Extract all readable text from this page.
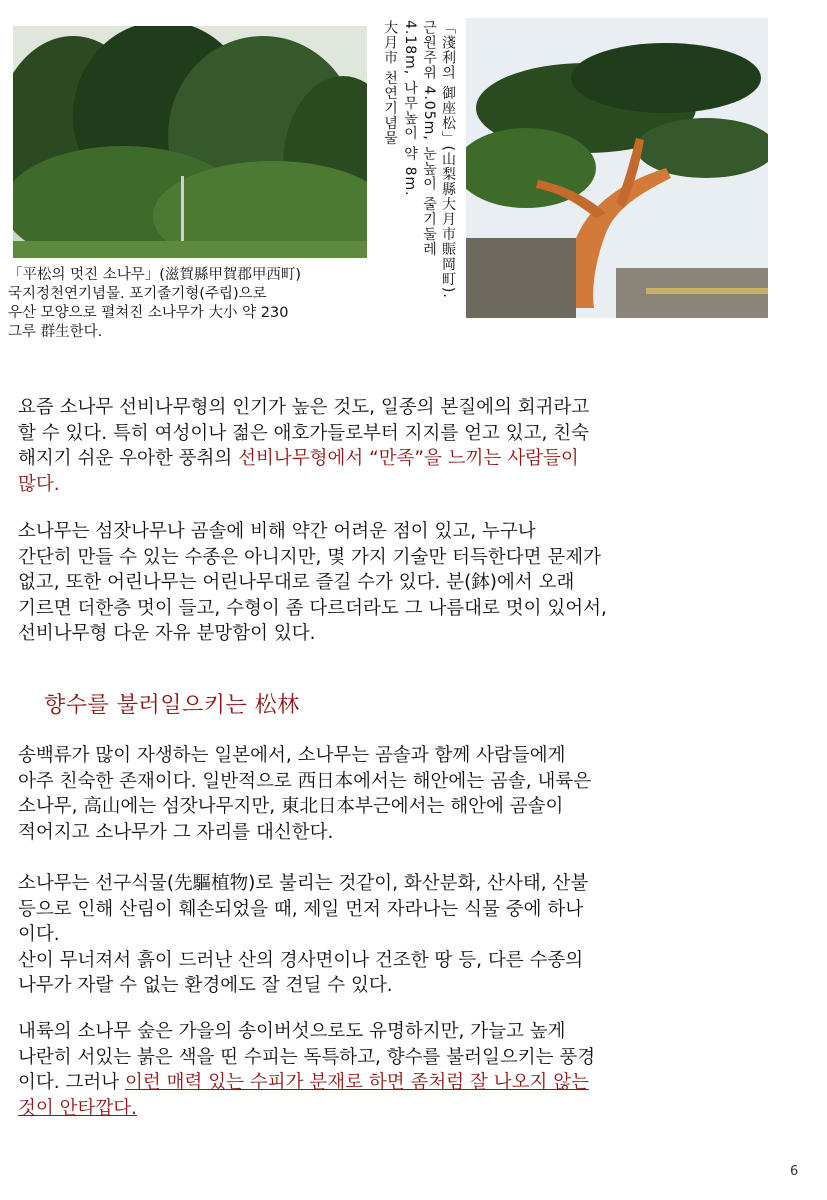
「平松의 멋진 소나무」(滋賀縣甲賀郡甲西町)
국지정천연기념물. 포기줄기형(주립)으로
우산 모양으로 펼쳐진 소나무가 大小 약 230
그루 群生한다.
「淺利의 御座松」(山梨縣大月市賑岡町).
근원주위 4.05m, 눈높이 줄기둘레
4.18m, 나무높이 약 8m.
大月市 천연기념물
요즘 소나무 선비나무형의 인기가 높은 것도, 일종의 본질에의 회귀라고
할 수 있다. 특히 여성이나 젊은 애호가들로부터 지지를 얻고 있고, 친숙
해지기 쉬운 우아한 풍취의 선비나무형에서 “만족”을 느끼는 사람들이
많다.
소나무는 섬잣나무나 곰솔에 비해 약간 어려운 점이 있고, 누구나
간단히 만들 수 있는 수종은 아니지만, 몇 가지 기술만 터득한다면 문제가
없고, 또한 어린나무는 어린나무대로 즐길 수가 있다. 분(鉢)에서 오래
기르면 더한층 멋이 들고, 수형이 좀 다르더라도 그 나름대로 멋이 있어서,
선비나무형 다운 자유 분망함이 있다.
향수를 불러일으키는 松林
송백류가 많이 자생하는 일본에서, 소나무는 곰솔과 함께 사람들에게
아주 친숙한 존재이다. 일반적으로 西日本에서는 해안에는 곰솔, 내륙은
소나무, 高山에는 섬잣나무지만, 東北日本부근에서는 해안에 곰솔이
적어지고 소나무가 그 자리를 대신한다.
소나무는 선구식물(先驅植物)로 불리는 것같이, 화산분화, 산사태, 산불
등으로 인해 산림이 훼손되었을 때, 제일 먼저 자라나는 식물 중에 하나
이다.
산이 무너져서 흙이 드러난 산의 경사면이나 건조한 땅 등, 다른 수종의
나무가 자랄 수 없는 환경에도 잘 견딜 수 있다.
내륙의 소나무 숲은 가을의 송이버섯으로도 유명하지만, 가늘고 높게
나란히 서있는 붉은 색을 띤 수피는 독특하고, 향수를 불러일으키는 풍경
이다. 그러나 이런 매력 있는 수피가 분재로 하면 좀처럼 잘 나오지 않는
것이 안타깝다.
6
